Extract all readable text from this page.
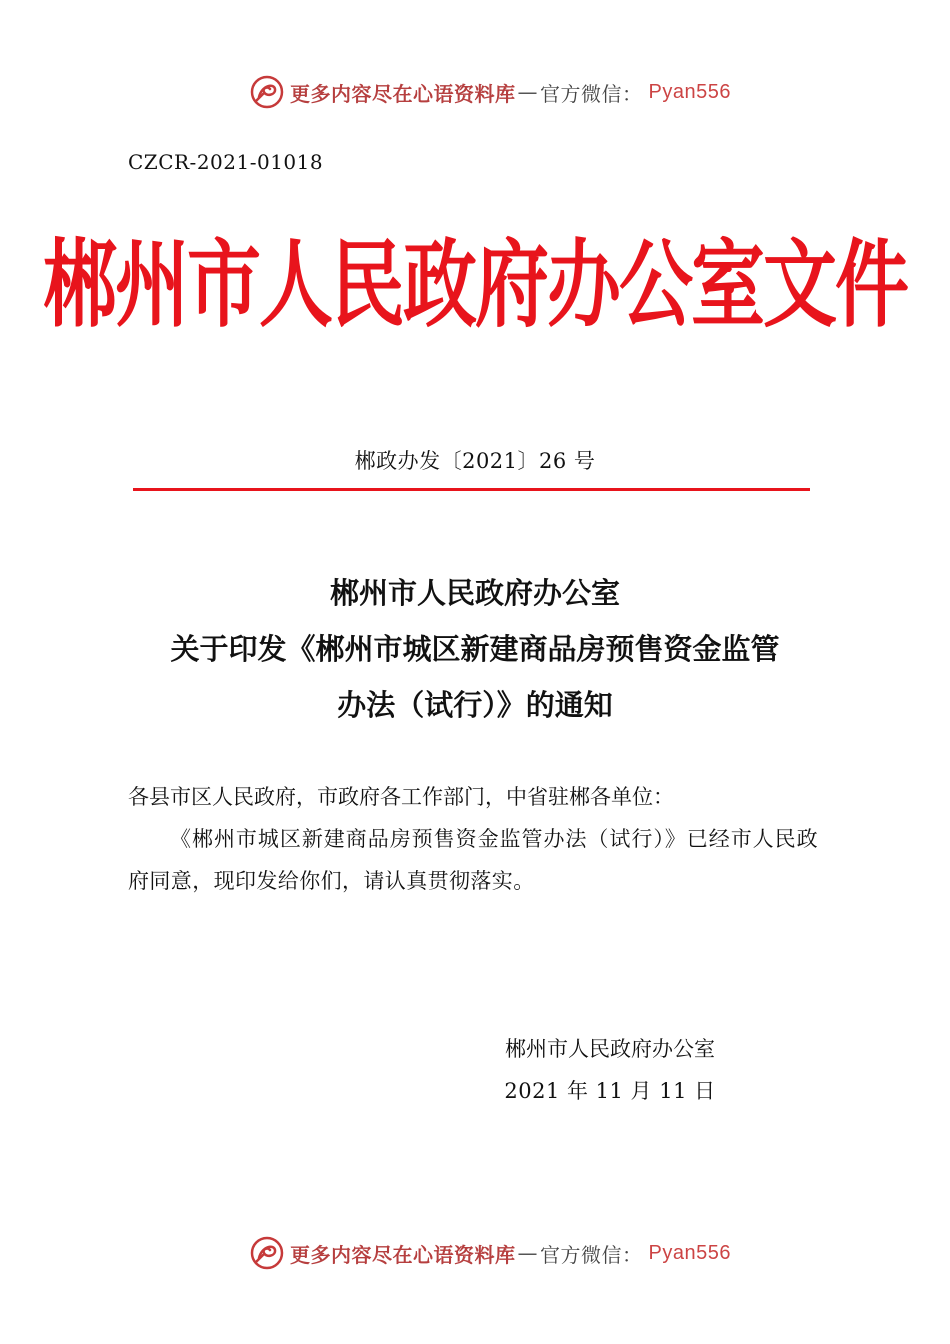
更多内容尽在心语资料库 — 官方微信： Pyan556
CZCR-2021-01018
郴州市人民政府办公室文件
郴政办发〔2021〕26 号
郴州市人民政府办公室
关于印发《郴州市城区新建商品房预售资金监管
办法（试行）》的通知
各县市区人民政府，市政府各工作部门，中省驻郴各单位：
《郴州市城区新建商品房预售资金监管办法（试行）》已经市人民政府同意，现印发给你们，请认真贯彻落实。
郴州市人民政府办公室
2021 年 11 月 11 日
更多内容尽在心语资料库 — 官方微信： Pyan556
